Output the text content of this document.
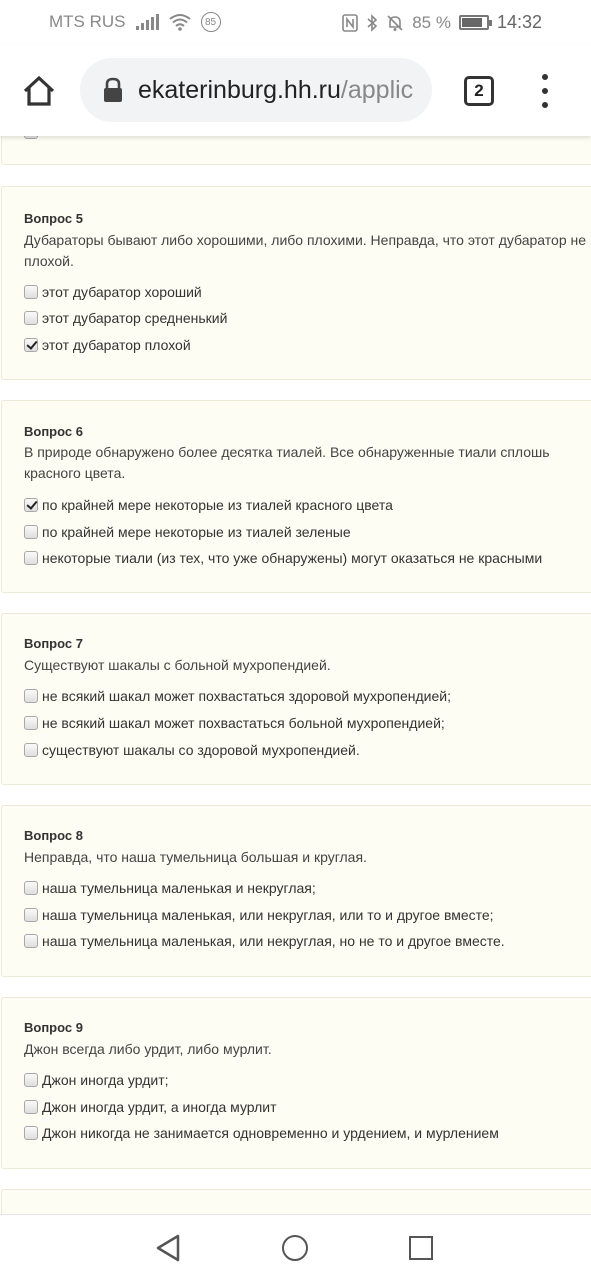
MTS RUS	85	85 %	14:32
ekaterinburg.hh.ru/applic	2
Вопрос 5
Дубараторы бывают либо хорошими, либо плохими. Неправда, что этот дубаратор не плохой.
этот дубаратор хороший
этот дубаратор средненький
этот дубаратор плохой
Вопрос 6
В природе обнаружено более десятка тиалей. Все обнаруженные тиали сплошь красного цвета.
по крайней мере некоторые из тиалей красного цвета
по крайней мере некоторые из тиалей зеленые
некоторые тиали (из тех, что уже обнаружены) могут оказаться не красными
Вопрос 7
Существуют шакалы с больной мухропендией.
не всякий шакал может похвастаться здоровой мухропендией;
не всякий шакал может похвастаться больной мухропендией;
существуют шакалы со здоровой мухропендией.
Вопрос 8
Неправда, что наша тумельница большая и круглая.
наша тумельница маленькая и некруглая;
наша тумельница маленькая, или некруглая, или то и другое вместе;
наша тумельница маленькая, или некруглая, но не то и другое вместе.
Вопрос 9
Джон всегда либо урдит, либо мурлит.
Джон иногда урдит;
Джон иногда урдит, а иногда мурлит
Джон никогда не занимается одновременно и урдением, и мурлением
